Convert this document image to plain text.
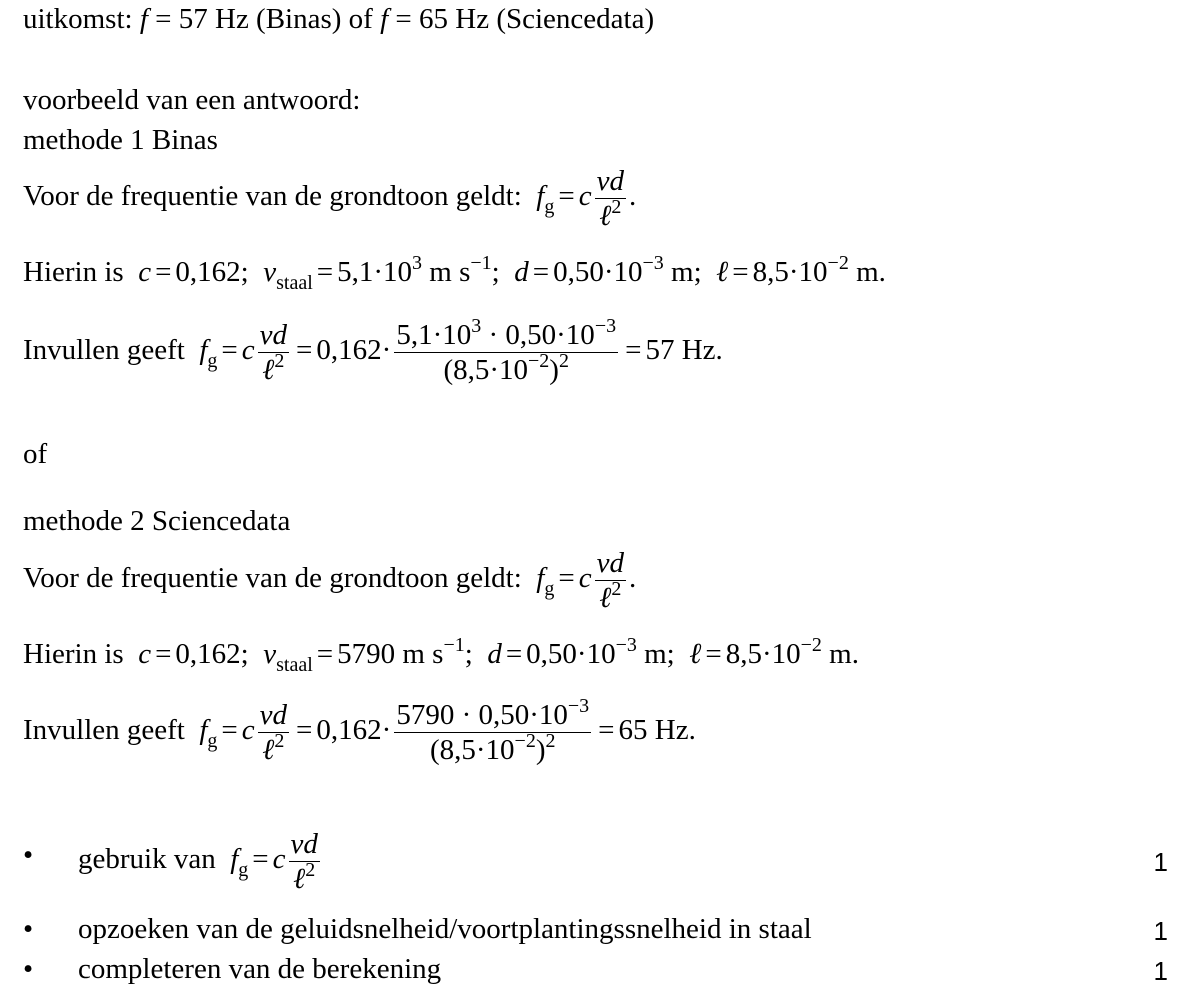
uitkomst: f = 57 Hz (Binas) of f = 65 Hz (Sciencedata)
voorbeeld van een antwoord:
methode 1 Binas
Voor de frequentie van de grondtoon geldt: $f_g = c \frac{vd}{\ell^2}$ .
Hierin is c = 0,162; $v_{staal} = 5,1\cdot 10^3$ m $s^{-1}$;  $d = 0,50\cdot 10^{-3}$ m;  ℓ = $8,5\cdot 10^{-2}$ m.
Invullen geeft $f_g = c \frac{vd}{\ell^2} = 0,162\cdot \frac{5,1\cdot 10^3 \cdot 0,50\cdot 10^{-3}}{(8,5\cdot 10^{-2})^2} = 57$ Hz.
of
methode 2 Sciencedata
Voor de frequentie van de grondtoon geldt: $f_g = c \frac{vd}{\ell^2}$ .
Hierin is c = 0,162; $v_{staal} = 5790$ m $s^{-1}$;  $d = 0,50\cdot 10^{-3}$ m;  ℓ = $8,5\cdot 10^{-2}$ m.
Invullen geeft $f_g = c \frac{vd}{\ell^2} = 0,162\cdot \frac{5790 \cdot 0,50\cdot 10^{-3}}{(8,5\cdot 10^{-2})^2} = 65$ Hz.
• gebruik van $f_g = c \frac{vd}{\ell^2}$	1
• opzoeken van de geluidsnelheid/voortplantingssnelheid in staal	1
• completeren van de berekening	1
